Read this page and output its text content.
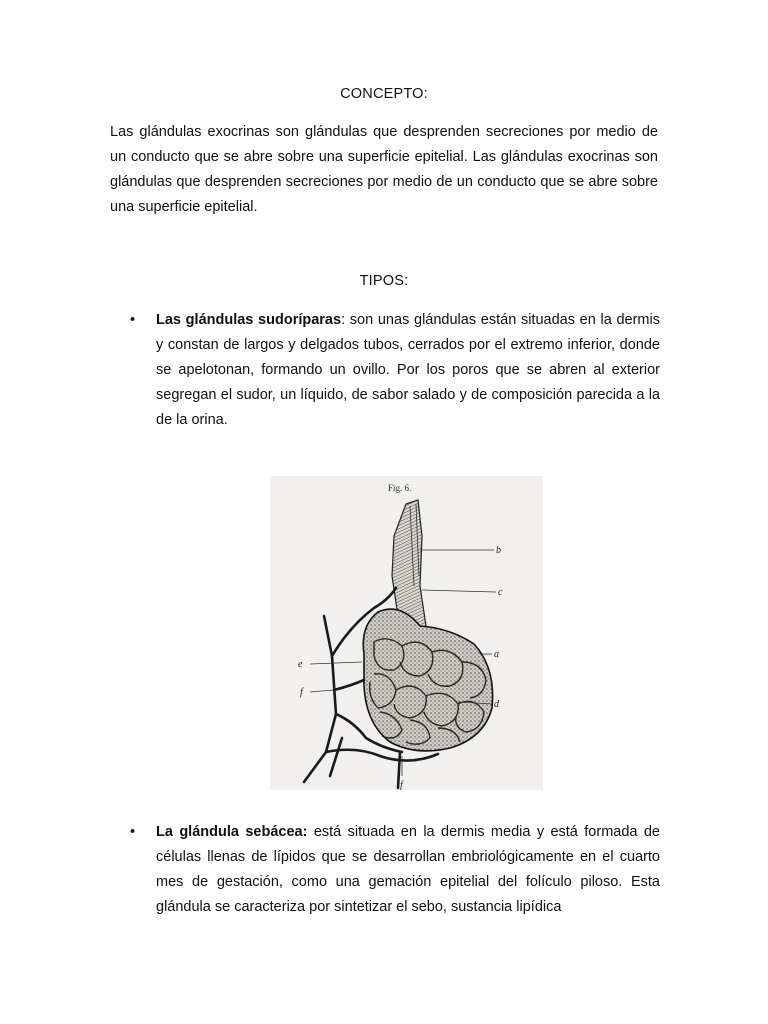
CONCEPTO:

Las glándulas exocrinas son glándulas que desprenden secreciones por medio de un conducto que se abre sobre una superficie epitelial. Las glándulas exocrinas son glándulas que desprenden secreciones por medio de un conducto que se abre sobre una superficie epitelial.

TIPOS:
• Las glándulas sudoríparas: son unas glándulas están situadas en la dermis y constan de largos y delgados tubos, cerrados por el extremo inferior, donde se apelotonan, formando un ovillo. Por los poros que se abren al exterior segregan el sudor, un líquido, de sabor salado y de composición parecida a la de la orina.

Fig. 6.
b
c
a
d
e
f
f
• La glándula sebácea: está situada en la dermis media y está formada de células llenas de lípidos que se desarrollan embriológicamente en el cuarto mes de gestación, como una gemación epitelial del folículo piloso. Esta glándula se caracteriza por sintetizar el sebo, sustancia lipídica
